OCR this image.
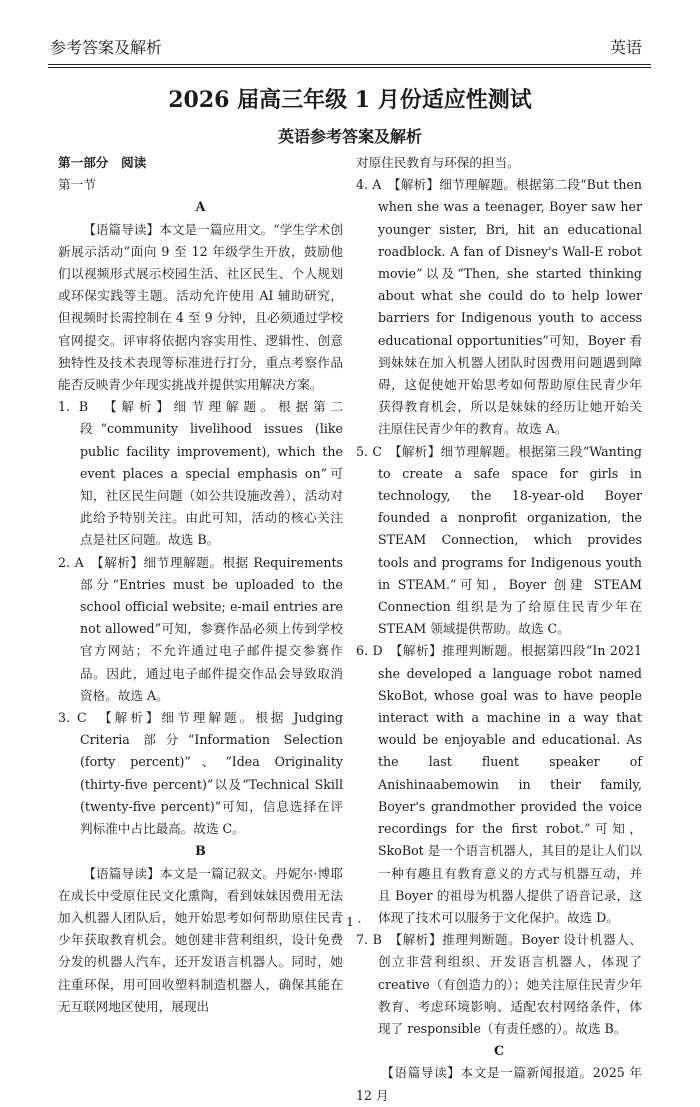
参考答案及解析	英语
2026 届高三年级 1 月份适应性测试
英语参考答案及解析

第一部分　阅读

第一节

A

【语篇导读】本文是一篇应用文。“学生学术创新展示活动”面向 9 至 12 年级学生开放，鼓励他们以视频形式展示校园生活、社区民生、个人规划或环保实践等主题。活动允许使用 AI 辅助研究，但视频时长需控制在 4 至 9 分钟，且必须通过学校官网提交。评审将依据内容实用性、逻辑性、创意独特性及技术表现等标准进行打分，重点考察作品能否反映青少年现实挑战并提供实用解决方案。

1. B　【解析】细节理解题。根据第二段“community livelihood issues (like public facility improvement), which the event places a special emphasis on”可知，社区民生问题（如公共设施改善），活动对此给予特别关注。由此可知，活动的核心关注点是社区问题。故选 B。

2. A　【解析】细节理解题。根据 Requirements 部分“Entries must be uploaded to the school official website; e-mail entries are not allowed”可知，参赛作品必须上传到学校官方网站；不允许通过电子邮件提交参赛作品。因此，通过电子邮件提交作品会导致取消资格。故选 A。

3. C　【解析】细节理解题。根据 Judging Criteria 部分“Information Selection (forty percent)”、“Idea Originality (thirty-five percent)”以及“Technical Skill (twenty-five percent)”可知，信息选择在评判标准中占比最高。故选 C。

B

【语篇导读】本文是一篇记叙文。丹妮尔·博耶在成长中受原住民文化熏陶，看到妹妹因费用无法加入机器人团队后，她开始思考如何帮助原住民青少年获取教育机会。她创建非营利组织，设计免费分发的机器人汽车，还开发语言机器人。同时，她注重环保，用可回收塑料制造机器人，确保其能在无互联网地区使用，展现出

对原住民教育与环保的担当。

4. A　【解析】细节理解题。根据第二段“But then when she was a teenager, Boyer saw her younger sister, Bri, hit an educational roadblock. A fan of Disney's Wall-E robot movie”以及“Then, she started thinking about what she could do to help lower barriers for Indigenous youth to access educational opportunities”可知，Boyer 看到妹妹在加入机器人团队时因费用问题遇到障碍，这促使她开始思考如何帮助原住民青少年获得教育机会，所以是妹妹的经历让她开始关注原住民青少年的教育。故选 A。

5. C　【解析】细节理解题。根据第三段“Wanting to create a safe space for girls in technology, the 18-year-old Boyer founded a nonprofit organization, the STEAM Connection, which provides tools and programs for Indigenous youth in STEAM.”可知，Boyer 创建 STEAM Connection 组织是为了给原住民青少年在 STEAM 领域提供帮助。故选 C。

6. D　【解析】推理判断题。根据第四段“In 2021 she developed a language robot named SkoBot, whose goal was to have people interact with a machine in a way that would be enjoyable and educational. As the last fluent speaker of Anishinaabemowin in their family, Boyer's grandmother provided the voice recordings for the first robot.”可知，SkoBot 是一个语言机器人，其目的是让人们以一种有趣且有教育意义的方式与机器互动，并且 Boyer 的祖母为机器人提供了语音记录，这体现了技术可以服务于文化保护。故选 D。

7. B　【解析】推理判断题。Boyer 设计机器人、创立非营利组织、开发语言机器人，体现了 creative（有创造力的）；她关注原住民青少年教育、考虑环境影响、适配农村网络条件，体现了 responsible（有责任感的）。故选 B。

C

【语篇导读】本文是一篇新闻报道。2025 年 12 月

· 1 ·
